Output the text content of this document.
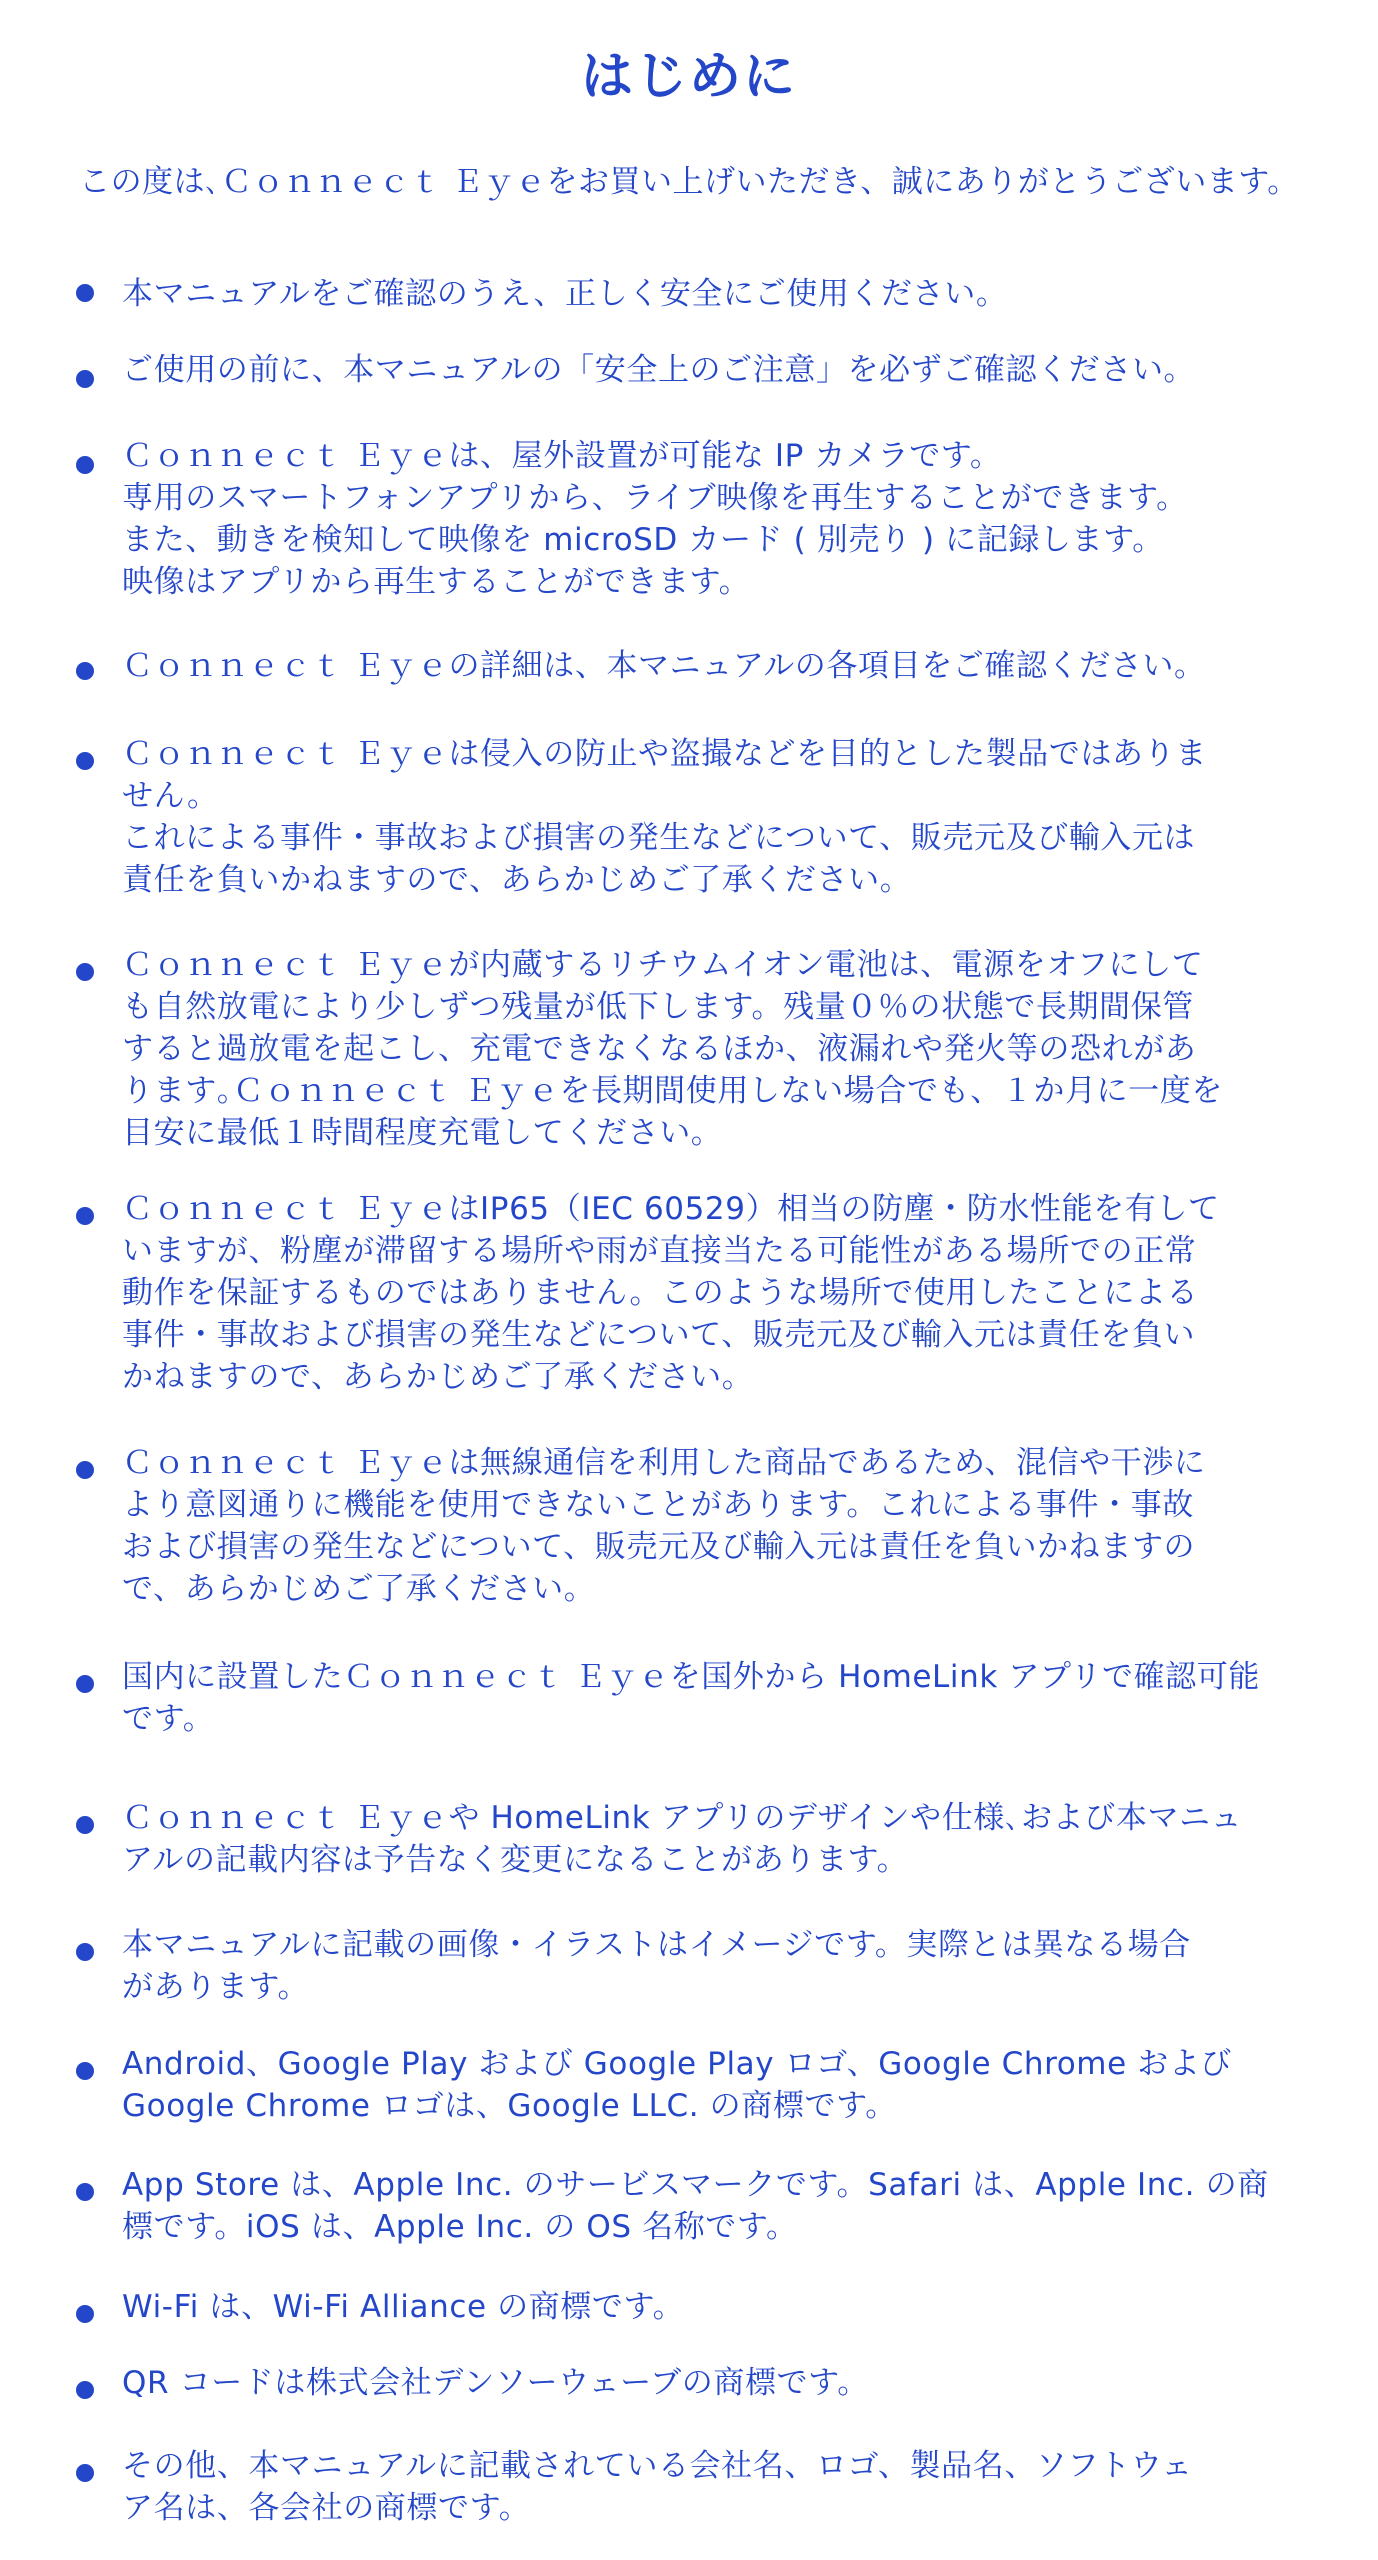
はじめに
この度は､Ｃｏｎｎｅｃｔ Ｅｙｅをお買い上げいただき、誠にありがとうございます。
本マニュアルをご確認のうえ、正しく安全にご使用ください。
ご使用の前に、本マニュアルの「安全上のご注意」を必ずご確認ください。
Ｃｏｎｎｅｃｔ Ｅｙｅは、屋外設置が可能な IP カメラです。
専用のスマートフォンアプリから、ライブ映像を再生することができます。
また、動きを検知して映像を microSD カード ( 別売り ) に記録します。
映像はアプリから再生することができます。
Ｃｏｎｎｅｃｔ Ｅｙｅの詳細は、本マニュアルの各項目をご確認ください。
Ｃｏｎｎｅｃｔ Ｅｙｅは侵入の防止や盗撮などを目的とした製品ではありま
せん。
これによる事件・事故および損害の発生などについて、販売元及び輸入元は
責任を負いかねますので、あらかじめご了承ください。
Ｃｏｎｎｅｃｔ Ｅｙｅが内蔵するリチウムイオン電池は、電源をオフにして
も自然放電により少しずつ残量が低下します。残量０％の状態で長期間保管
すると過放電を起こし、充電できなくなるほか、液漏れや発火等の恐れがあ
ります｡Ｃｏｎｎｅｃｔ Ｅｙｅを長期間使用しない場合でも、１か月に一度を
目安に最低１時間程度充電してください。
Ｃｏｎｎｅｃｔ ＥｙｅはIP65（IEC 60529）相当の防塵・防水性能を有して
いますが、粉塵が滞留する場所や雨が直接当たる可能性がある場所での正常
動作を保証するものではありません。このような場所で使用したことによる
事件・事故および損害の発生などについて、販売元及び輸入元は責任を負い
かねますので、あらかじめご了承ください。
Ｃｏｎｎｅｃｔ Ｅｙｅは無線通信を利用した商品であるため、混信や干渉に
より意図通りに機能を使用できないことがあります。これによる事件・事故
および損害の発生などについて、販売元及び輸入元は責任を負いかねますの
で、あらかじめご了承ください。
国内に設置したＣｏｎｎｅｃｔ Ｅｙｅを国外から HomeLink アプリで確認可能
です。
Ｃｏｎｎｅｃｔ Ｅｙｅや HomeLink アプリのデザインや仕様､および本マニュ
アルの記載内容は予告なく変更になることがあります。
本マニュアルに記載の画像・イラストはイメージです。実際とは異なる場合
があります。
Android、Google Play および Google Play ロゴ、Google Chrome および
Google Chrome ロゴは、Google LLC. の商標です。
App Store は、Apple Inc. のサービスマークです。Safari は、Apple Inc. の商
標です。iOS は、Apple Inc. の OS 名称です。
Wi-Fi は、Wi-Fi Alliance の商標です。
QR コードは株式会社デンソーウェーブの商標です。
その他、本マニュアルに記載されている会社名、ロゴ、製品名、ソフトウェ
ア名は、各会社の商標です。
